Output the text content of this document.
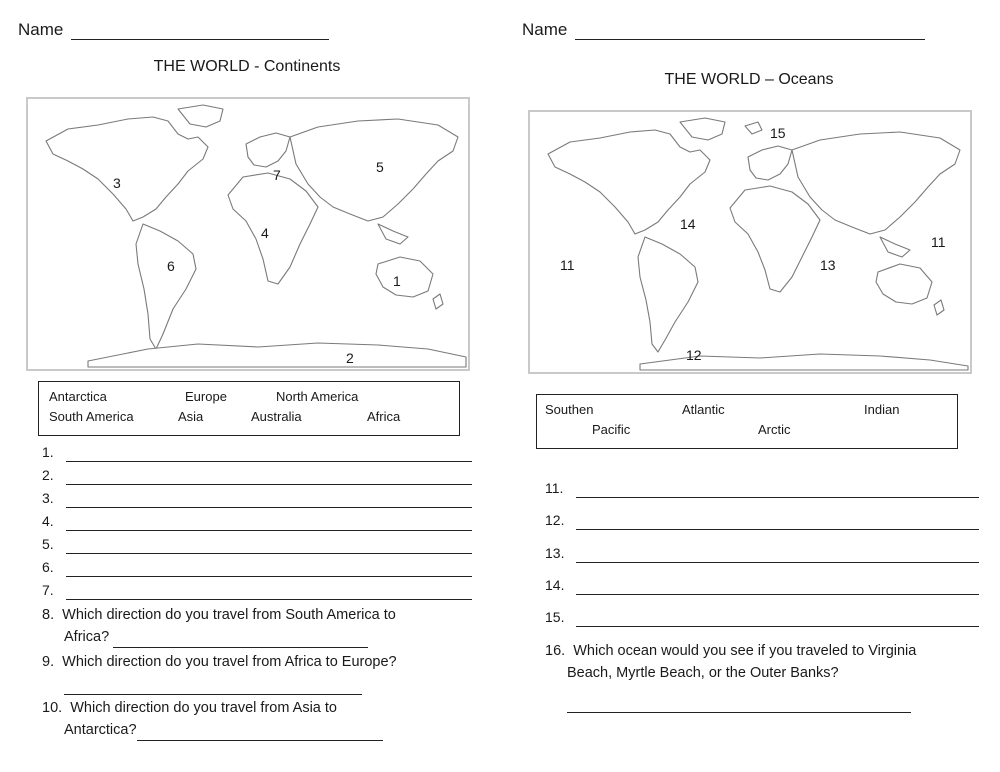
Name
THE WORLD - Continents
3	7	5
4
6
1
2
Antarctica	Europe	North America
South America	Asia	Australia	Africa
1.
2.
3.
4.
5.
6.
7.
8. Which direction do you travel from South America to
Africa?
9. Which direction do you travel from Africa to Europe?
10. Which direction do you travel from Asia to
Antarctica?
Name
THE WORLD – Oceans
15
14
11
11
13
12
Southen	Atlantic	Indian
Pacific	Arctic
11.
12.
13.
14.
15.
16. Which ocean would you see if you traveled to Virginia
Beach, Myrtle Beach, or the Outer Banks?
